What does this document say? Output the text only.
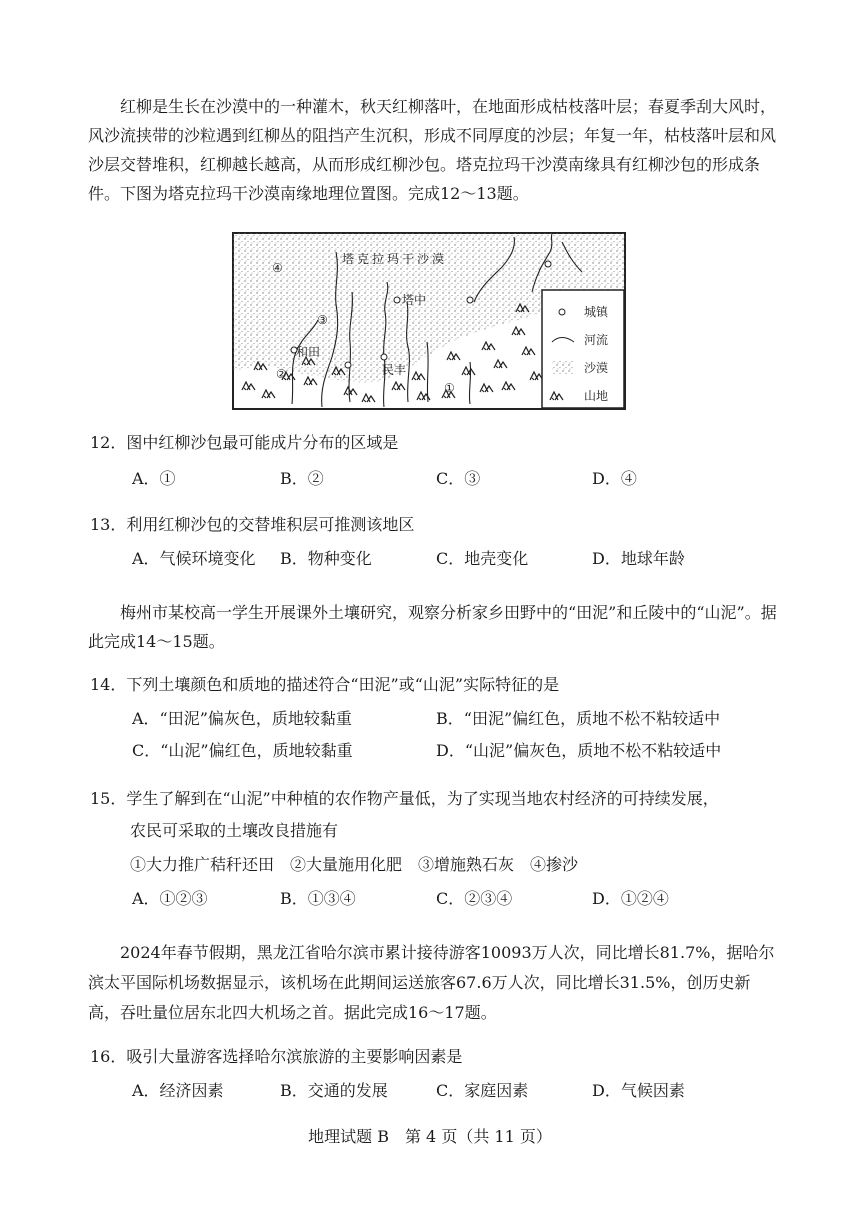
红柳是生长在沙漠中的一种灌木，秋天红柳落叶，在地面形成枯枝落叶层；春夏季刮大风时，风沙流挟带的沙粒遇到红柳丛的阻挡产生沉积，形成不同厚度的沙层；年复一年，枯枝落叶层和风沙层交替堆积，红柳越长越高，从而形成红柳沙包。塔克拉玛干沙漠南缘具有红柳沙包的形成条件。下图为塔克拉玛干沙漠南缘地理位置图。完成12～13题。

塔 克 拉 玛 干 沙 漠
塔中
和田
民丰
①
②
③
④
城镇
河流
沙漠
山地
12．图中红柳沙包最可能成片分布的区域是
A．①	B．②	C．③	D．④
13．利用红柳沙包的交替堆积层可推测该地区
A．气候环境变化 B．物种变化	C．地壳变化	D．地球年龄

梅州市某校高一学生开展课外土壤研究，观察分析家乡田野中的“田泥”和丘陵中的“山泥”。据此完成14～15题。

14．下列土壤颜色和质地的描述符合“田泥”或“山泥”实际特征的是
A．“田泥”偏灰色，质地较黏重	B．“田泥”偏红色，质地不松不粘较适中
C．“山泥”偏红色，质地较黏重	D．“山泥”偏灰色，质地不松不粘较适中
15．学生了解到在“山泥”中种植的农作物产量低，为了实现当地农村经济的可持续发展，
农民可采取的土壤改良措施有
①大力推广秸秆还田　②大量施用化肥　③增施熟石灰　④掺沙
A．①②③	B．①③④	C．②③④	D．①②④

2024年春节假期，黑龙江省哈尔滨市累计接待游客10093万人次，同比增长81.7%，据哈尔滨太平国际机场数据显示，该机场在此期间运送旅客67.6万人次，同比增长31.5%，创历史新高，吞吐量位居东北四大机场之首。据此完成16～17题。

16．吸引大量游客选择哈尔滨旅游的主要影响因素是
A．经济因素	B．交通的发展	C．家庭因素	D．气候因素
地理试题 B　第 4 页（共 11 页）
